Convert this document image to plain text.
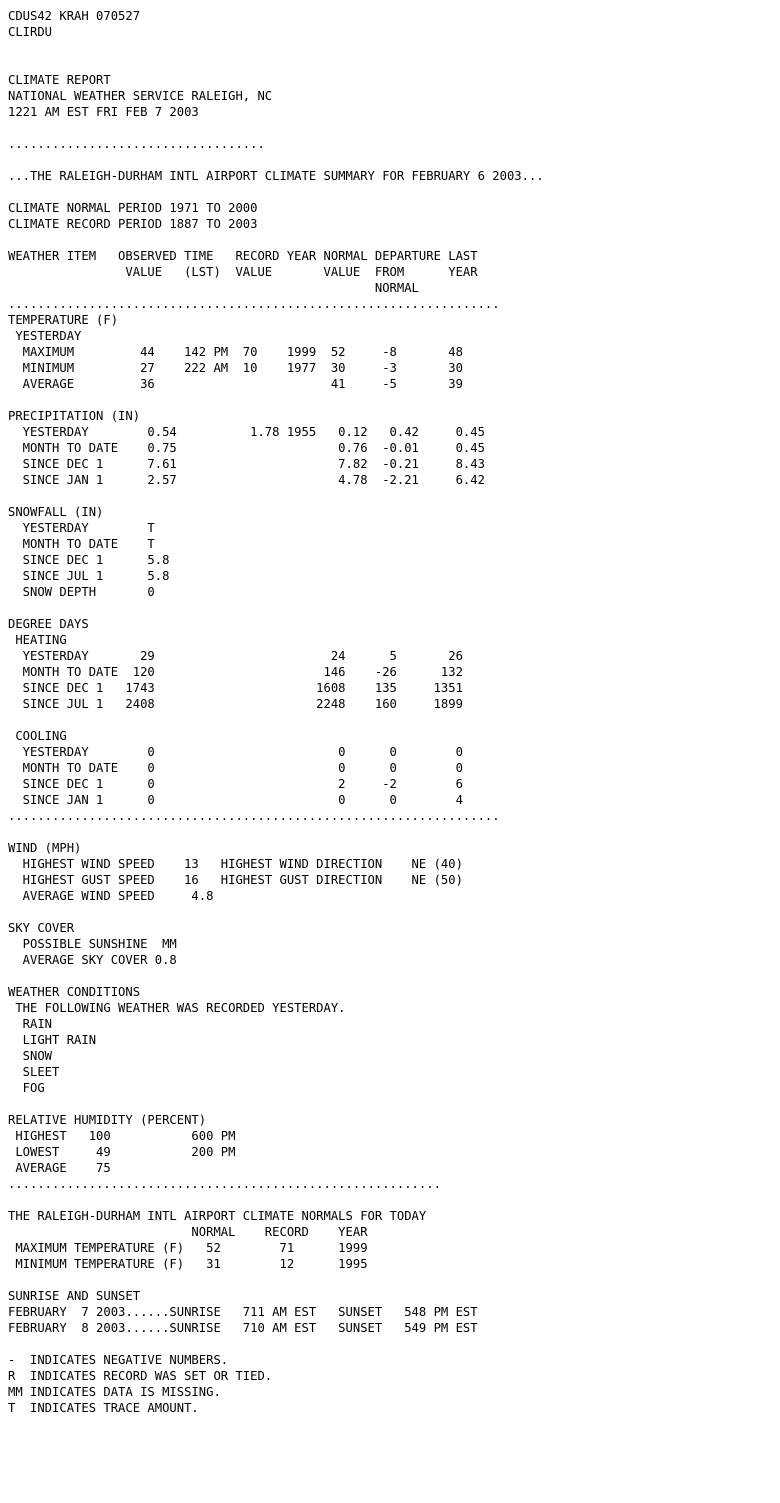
CDUS42 KRAH 070527
CLIRDU
CLIMATE REPORT
NATIONAL WEATHER SERVICE RALEIGH, NC
1221 AM EST FRI FEB 7 2003
...................................
...THE RALEIGH-DURHAM INTL AIRPORT CLIMATE SUMMARY FOR FEBRUARY 6 2003...
CLIMATE NORMAL PERIOD 1971 TO 2000
CLIMATE RECORD PERIOD 1887 TO 2003
WEATHER ITEM   OBSERVED TIME   RECORD YEAR NORMAL DEPARTURE LAST
VALUE   (LST)  VALUE       VALUE  FROM      YEAR
NORMAL
...................................................................
TEMPERATURE (F)
YESTERDAY
MAXIMUM         44    142 PM  70    1999  52     -8       48
MINIMUM         27    222 AM  10    1977  30     -3       30
AVERAGE         36                        41     -5       39
PRECIPITATION (IN)
YESTERDAY        0.54          1.78 1955   0.12   0.42     0.45
MONTH TO DATE    0.75                      0.76  -0.01     0.45
SINCE DEC 1      7.61                      7.82  -0.21     8.43
SINCE JAN 1      2.57                      4.78  -2.21     6.42
SNOWFALL (IN)
YESTERDAY        T
MONTH TO DATE    T
SINCE DEC 1      5.8
SINCE JUL 1      5.8
SNOW DEPTH       0
DEGREE DAYS
HEATING
YESTERDAY       29                        24      5       26
MONTH TO DATE  120                       146    -26      132
SINCE DEC 1   1743                      1608    135     1351
SINCE JUL 1   2408                      2248    160     1899
COOLING
YESTERDAY        0                         0      0        0
MONTH TO DATE    0                         0      0        0
SINCE DEC 1      0                         2     -2        6
SINCE JAN 1      0                         0      0        4
...................................................................
WIND (MPH)
HIGHEST WIND SPEED    13   HIGHEST WIND DIRECTION    NE (40)
HIGHEST GUST SPEED    16   HIGHEST GUST DIRECTION    NE (50)
AVERAGE WIND SPEED     4.8
SKY COVER
POSSIBLE SUNSHINE  MM
AVERAGE SKY COVER 0.8
WEATHER CONDITIONS
THE FOLLOWING WEATHER WAS RECORDED YESTERDAY.
RAIN
LIGHT RAIN
SNOW
SLEET
FOG
RELATIVE HUMIDITY (PERCENT)
HIGHEST   100           600 PM
LOWEST     49           200 PM
AVERAGE    75
...........................................................
THE RALEIGH-DURHAM INTL AIRPORT CLIMATE NORMALS FOR TODAY
NORMAL    RECORD    YEAR
MAXIMUM TEMPERATURE (F)   52        71      1999
MINIMUM TEMPERATURE (F)   31        12      1995
SUNRISE AND SUNSET
FEBRUARY  7 2003......SUNRISE   711 AM EST   SUNSET   548 PM EST
FEBRUARY  8 2003......SUNRISE   710 AM EST   SUNSET   549 PM EST
-  INDICATES NEGATIVE NUMBERS.
R  INDICATES RECORD WAS SET OR TIED.
MM INDICATES DATA IS MISSING.
T  INDICATES TRACE AMOUNT.
